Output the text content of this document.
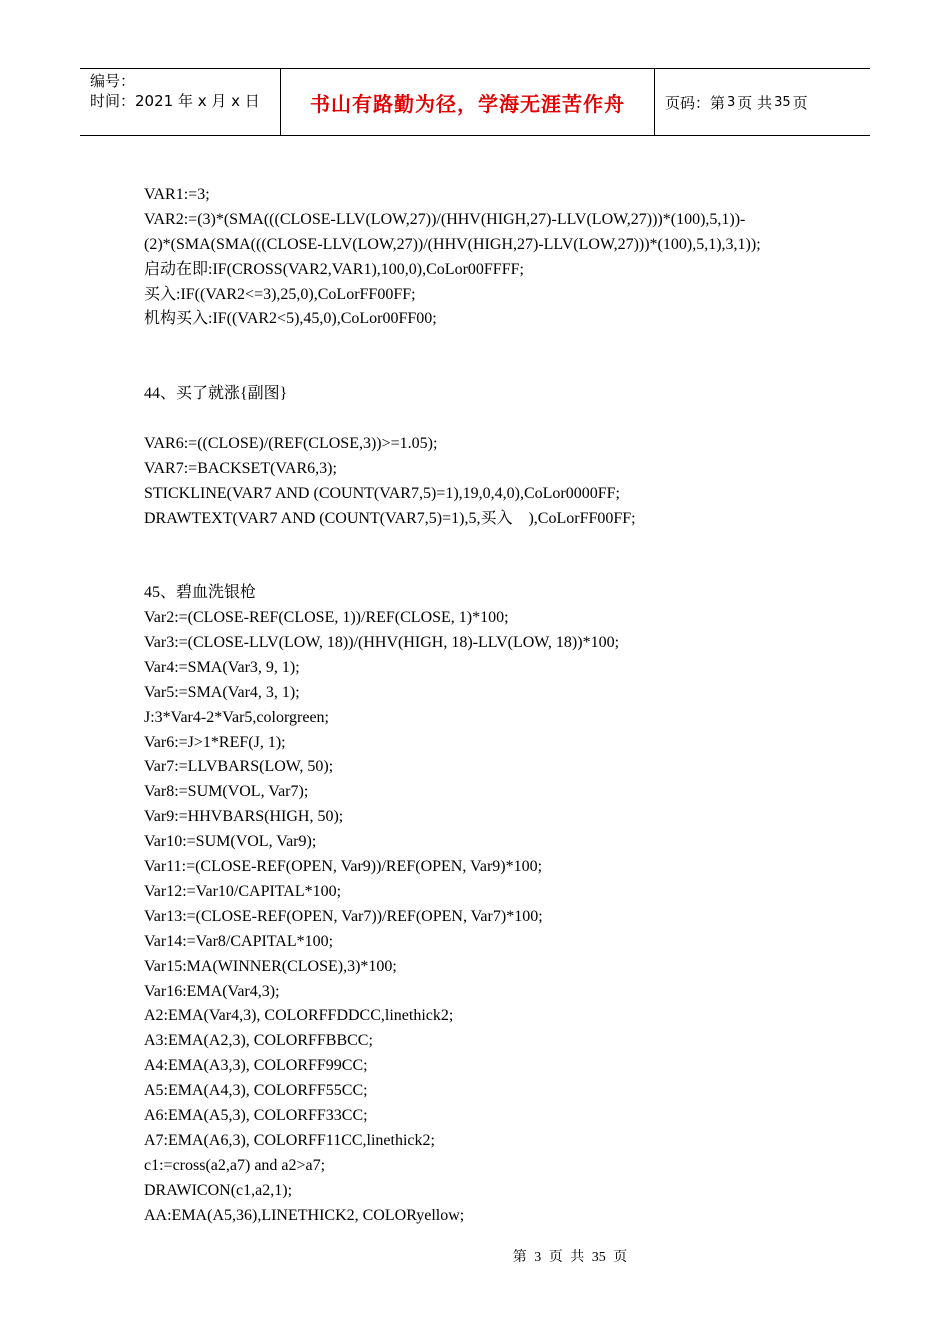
编号：
时间：2021 年 x 月 x 日	书山有路勤为径，学海无涯苦作舟	页码：第 3 页 共 35 页
VAR1:=3;
VAR2:=(3)*(SMA(((CLOSE-LLV(LOW,27))/(HHV(HIGH,27)-LLV(LOW,27)))*(100),5,1))-
(2)*(SMA(SMA(((CLOSE-LLV(LOW,27))/(HHV(HIGH,27)-LLV(LOW,27)))*(100),5,1),3,1));
启动在即:IF(CROSS(VAR2,VAR1),100,0),CoLor00FFFF;
买入:IF((VAR2<=3),25,0),CoLorFF00FF;
机构买入:IF((VAR2<5),45,0),CoLor00FF00;
44、买了就涨{副图}
VAR6:=((CLOSE)/(REF(CLOSE,3))>=1.05);
VAR7:=BACKSET(VAR6,3);
STICKLINE(VAR7 AND (COUNT(VAR7,5)=1),19,0,4,0),CoLor0000FF;
DRAWTEXT(VAR7 AND (COUNT(VAR7,5)=1),5,买入    ),CoLorFF00FF;
45、碧血洗银枪
Var2:=(CLOSE-REF(CLOSE, 1))/REF(CLOSE, 1)*100;
Var3:=(CLOSE-LLV(LOW, 18))/(HHV(HIGH, 18)-LLV(LOW, 18))*100;
Var4:=SMA(Var3, 9, 1);
Var5:=SMA(Var4, 3, 1);
J:3*Var4-2*Var5,colorgreen;
Var6:=J>1*REF(J, 1);
Var7:=LLVBARS(LOW, 50);
Var8:=SUM(VOL, Var7);
Var9:=HHVBARS(HIGH, 50);
Var10:=SUM(VOL, Var9);
Var11:=(CLOSE-REF(OPEN, Var9))/REF(OPEN, Var9)*100;
Var12:=Var10/CAPITAL*100;
Var13:=(CLOSE-REF(OPEN, Var7))/REF(OPEN, Var7)*100;
Var14:=Var8/CAPITAL*100;
Var15:MA(WINNER(CLOSE),3)*100;
Var16:EMA(Var4,3);
A2:EMA(Var4,3), COLORFFDDCC,linethick2;
A3:EMA(A2,3), COLORFFBBCC;
A4:EMA(A3,3), COLORFF99CC;
A5:EMA(A4,3), COLORFF55CC;
A6:EMA(A5,3), COLORFF33CC;
A7:EMA(A6,3), COLORFF11CC,linethick2;
c1:=cross(a2,a7) and a2>a7;
DRAWICON(c1,a2,1);
AA:EMA(A5,36),LINETHICK2, COLORyellow;
第 3 页 共 35 页
